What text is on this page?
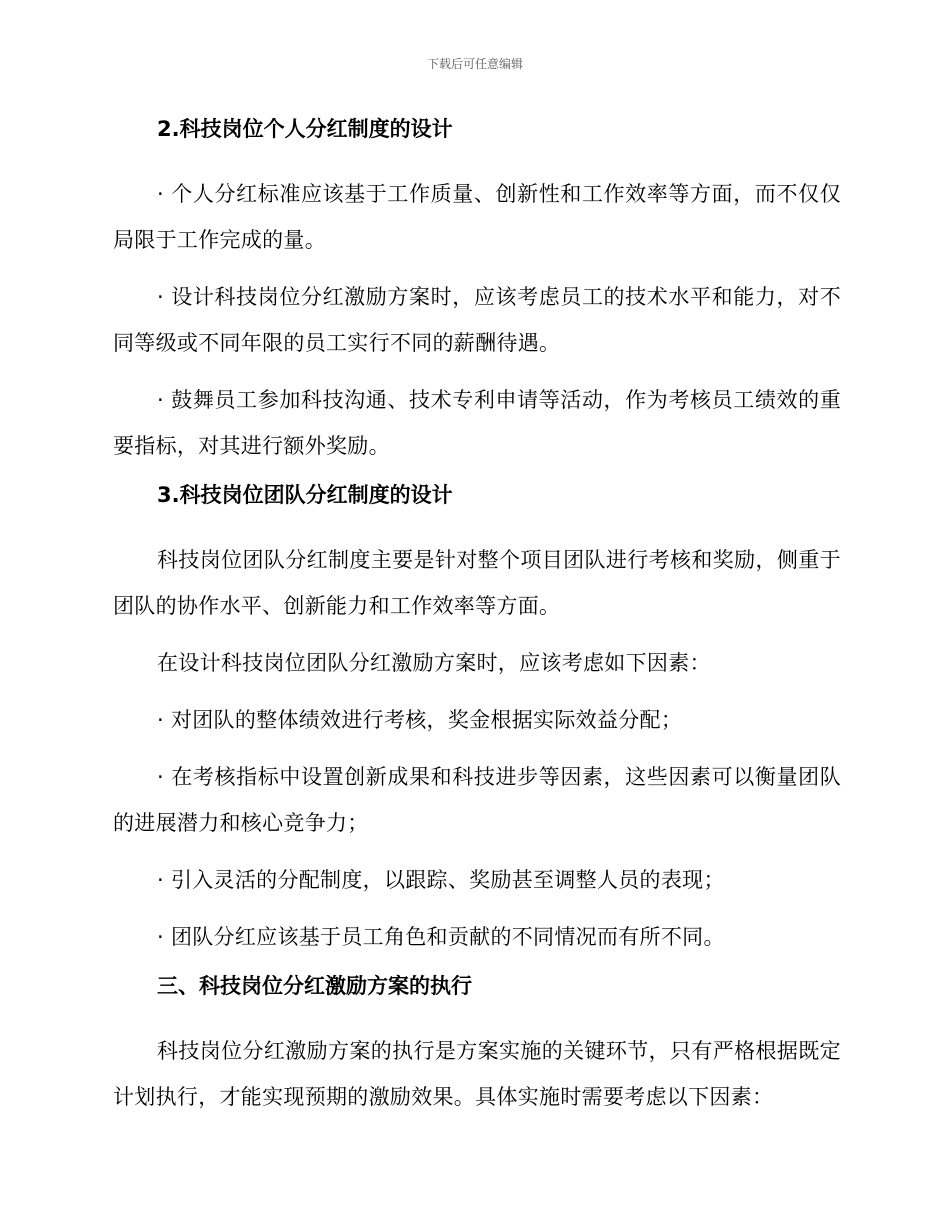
下载后可任意编辑
2.科技岗位个人分红制度的设计
· 个人分红标准应该基于工作质量、创新性和工作效率等方面，而不仅仅局限于工作完成的量。
· 设计科技岗位分红激励方案时，应该考虑员工的技术水平和能力，对不同等级或不同年限的员工实行不同的薪酬待遇。
· 鼓舞员工参加科技沟通、技术专利申请等活动，作为考核员工绩效的重要指标，对其进行额外奖励。
3.科技岗位团队分红制度的设计
科技岗位团队分红制度主要是针对整个项目团队进行考核和奖励，侧重于团队的协作水平、创新能力和工作效率等方面。
在设计科技岗位团队分红激励方案时，应该考虑如下因素：
· 对团队的整体绩效进行考核，奖金根据实际效益分配；
· 在考核指标中设置创新成果和科技进步等因素，这些因素可以衡量团队的进展潜力和核心竞争力；
· 引入灵活的分配制度，以跟踪、奖励甚至调整人员的表现；
· 团队分红应该基于员工角色和贡献的不同情况而有所不同。
三、科技岗位分红激励方案的执行
科技岗位分红激励方案的执行是方案实施的关键环节，只有严格根据既定计划执行，才能实现预期的激励效果。具体实施时需要考虑以下因素：
